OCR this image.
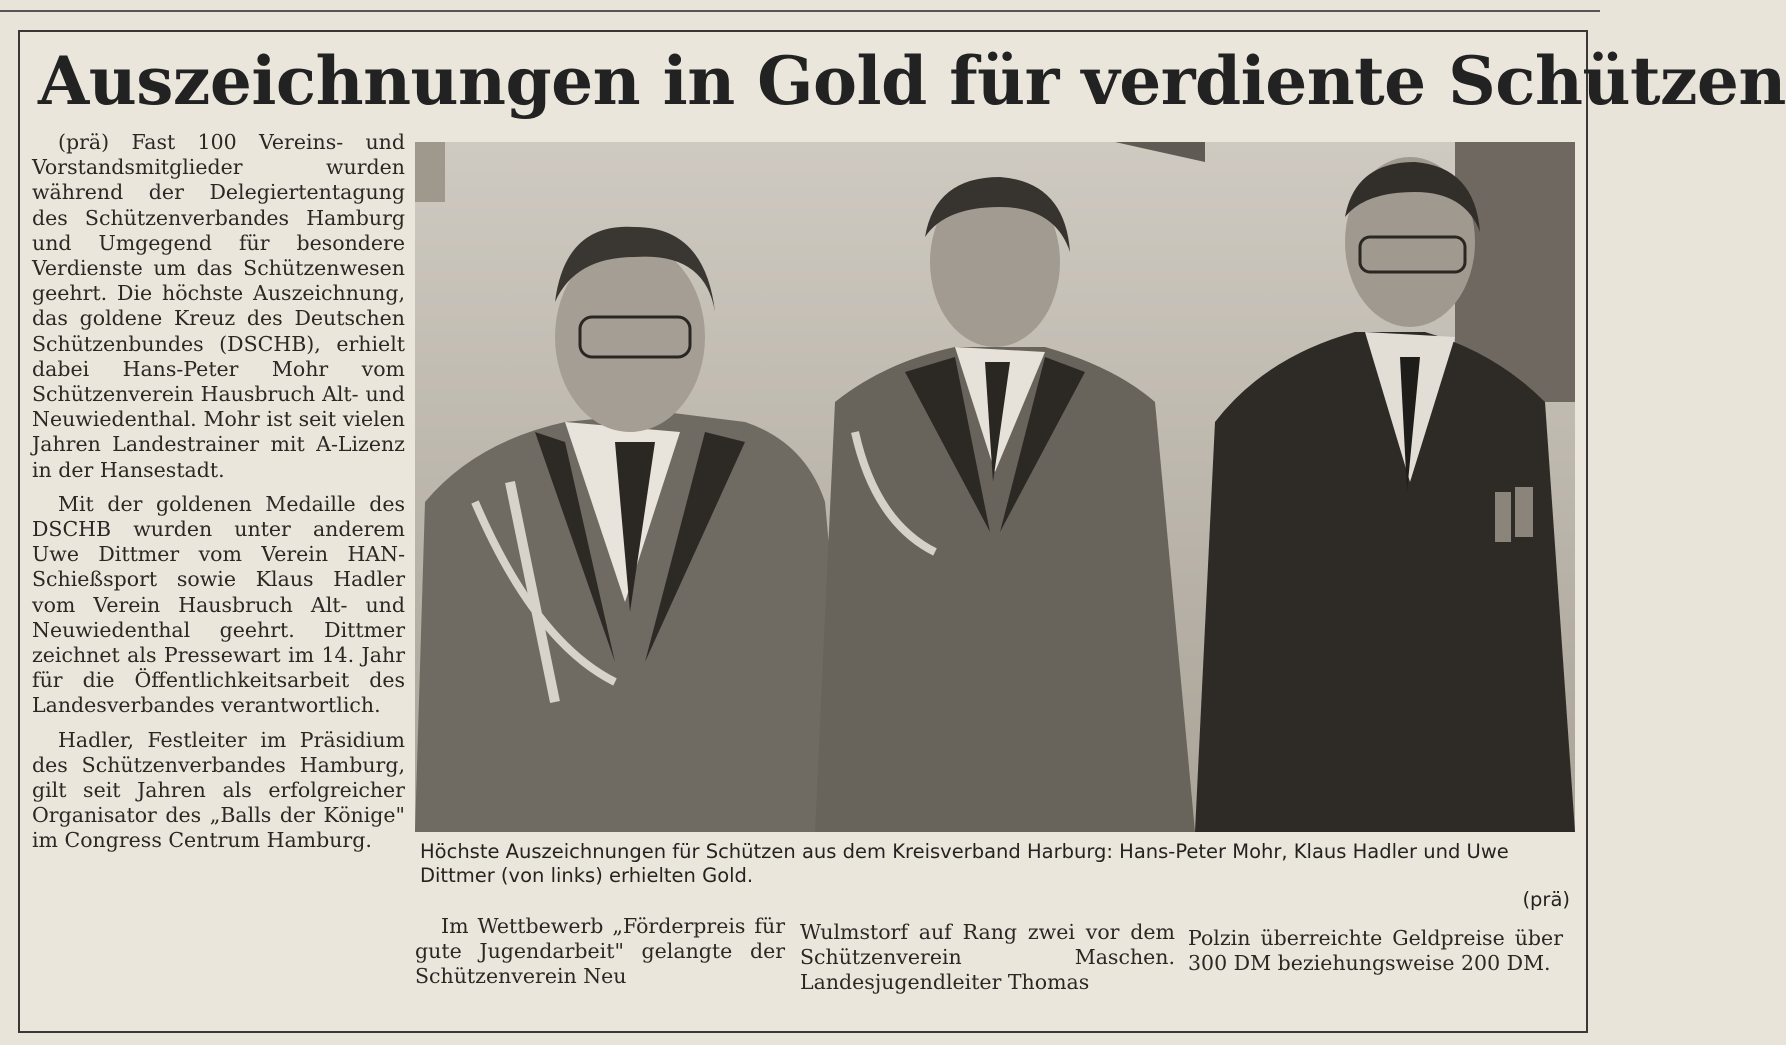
Auszeichnungen in Gold für verdiente Schützen

(prä) Fast 100 Vereins- und Vorstandsmitglieder wurden während der Delegiertentagung des Schützenverbandes Hamburg und Umgegend für besondere Verdienste um das Schützenwesen geehrt. Die höchste Auszeichnung, das goldene Kreuz des Deutschen Schützenbundes (DSCHB), erhielt dabei Hans-Peter Mohr vom Schützenverein Hausbruch Alt- und Neuwiedenthal. Mohr ist seit vielen Jahren Landestrainer mit A-Lizenz in der Hansestadt.

Mit der goldenen Medaille des DSCHB wurden unter anderem Uwe Dittmer vom Verein HAN-Schießsport sowie Klaus Hadler vom Verein Hausbruch Alt- und Neuwiedenthal geehrt. Dittmer zeichnet als Pressewart im 14. Jahr für die Öffentlichkeitsarbeit des Landesverbandes verantwortlich.

Hadler, Festleiter im Präsidium des Schützenverbandes Hamburg, gilt seit Jahren als erfolgreicher Organisator des „Balls der Könige" im Congress Centrum Hamburg.	Höchste Auszeichnungen für Schützen aus dem Kreisverband Harburg: Hans-Peter Mohr, Klaus Hadler und Uwe Dittmer (von links) erhielten Gold.
(prä)

Im Wettbewerb „Förderpreis für gute Jugendarbeit" gelangte der Schützenverein Neu

Wulmstorf auf Rang zwei vor dem Schützenverein Maschen. Landesjugendleiter Thomas

Polzin überreichte Geldpreise über 300 DM beziehungsweise 200 DM.
